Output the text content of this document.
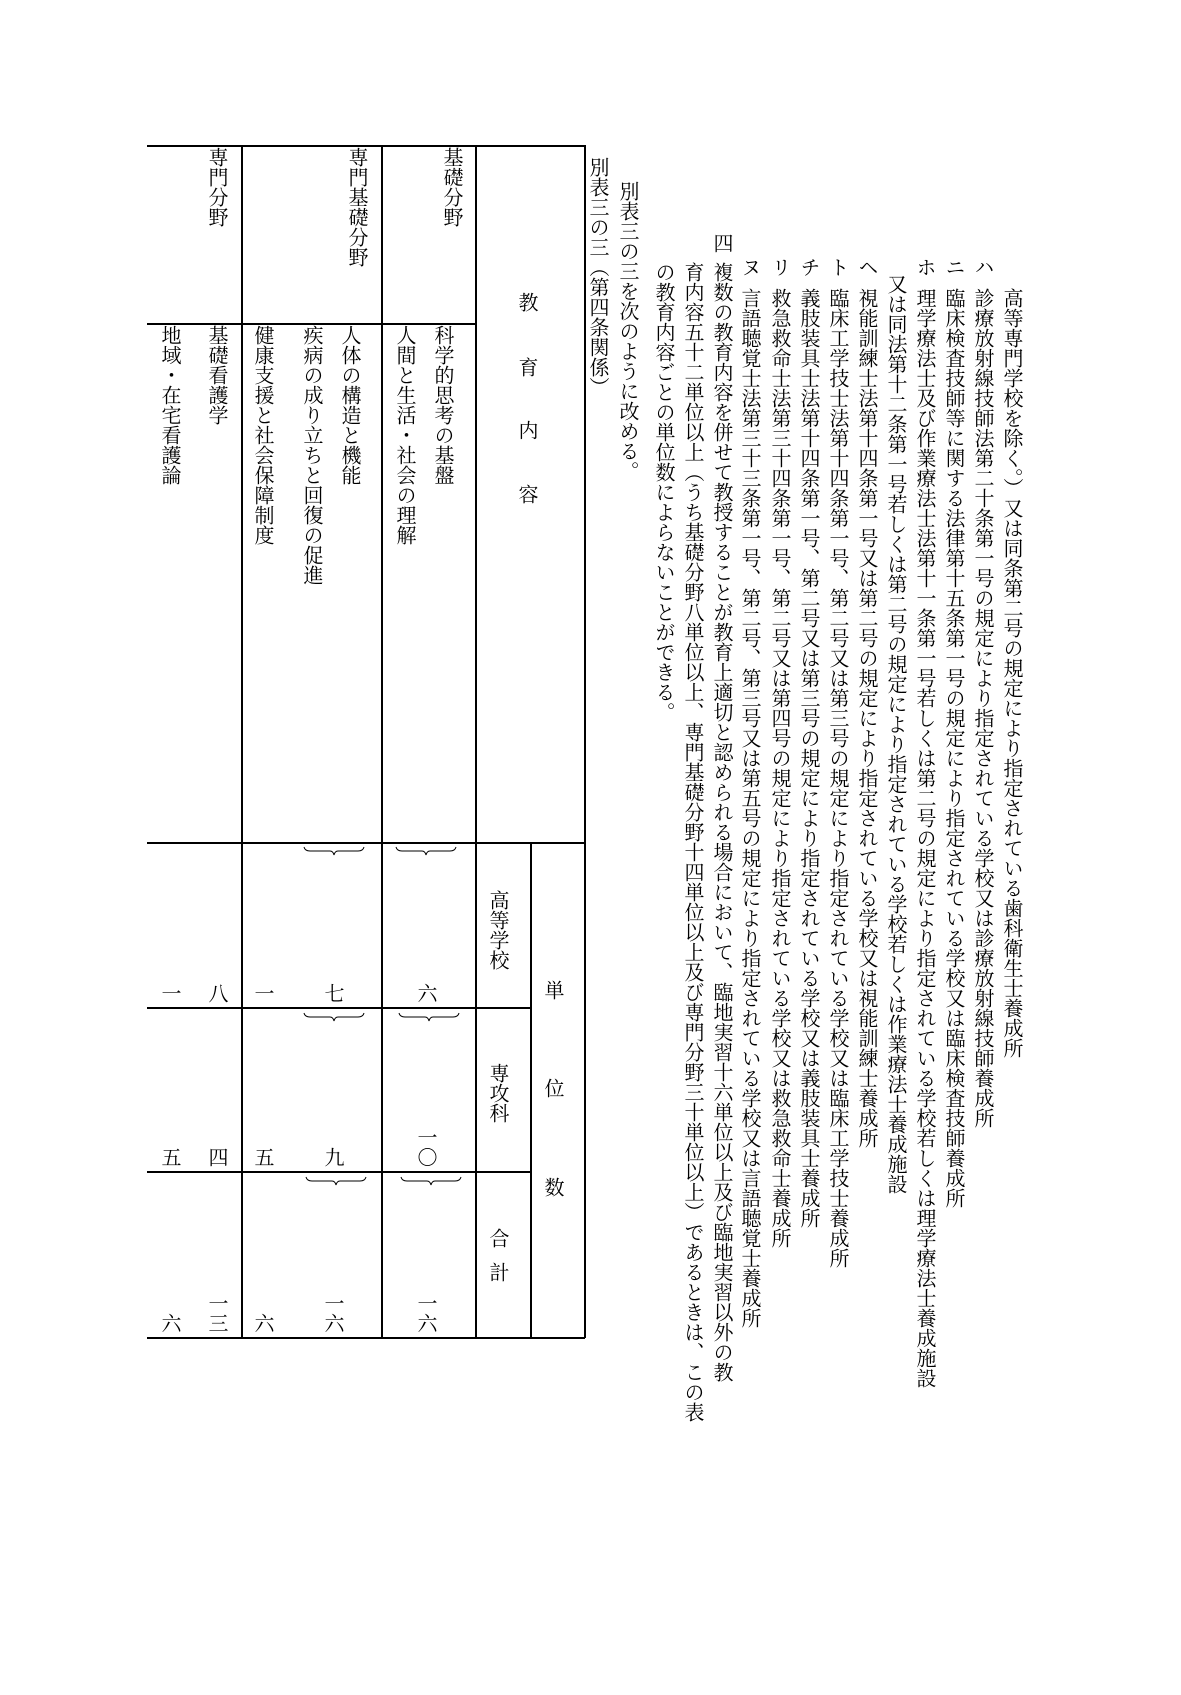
高等専門学校を除く。）又は同条第二号の規定により指定されている歯科衛生士養成所
ハ
診療放射線技師法第二十条第一号の規定により指定されている学校又は診療放射線技師養成所
ニ
臨床検査技師等に関する法律第十五条第一号の規定により指定されている学校又は臨床検査技師養成所
ホ
理学療法士及び作業療法士法第十一条第一号若しくは第二号の規定により指定されている学校若しくは理学療法士養成施設
又は同法第十二条第一号若しくは第二号の規定により指定されている学校若しくは作業療法士養成施設
ヘ
視能訓練士法第十四条第一号又は第二号の規定により指定されている学校又は視能訓練士養成所
ト
臨床工学技士法第十四条第一号、第二号又は第三号の規定により指定されている学校又は臨床工学技士養成所
チ
義肢装具士法第十四条第一号、第二号又は第三号の規定により指定されている学校又は義肢装具士養成所
リ
救急救命士法第三十四条第一号、第二号又は第四号の規定により指定されている学校又は救急救命士養成所
ヌ
言語聴覚士法第三十三条第一号、第二号、第三号又は第五号の規定により指定されている学校又は言語聴覚士養成所
四
複数の教育内容を併せて教授することが教育上適切と認められる場合において、臨地実習十六単位以上及び臨地実習以外の教
育内容五十二単位以上（うち基礎分野八単位以上、専門基礎分野十四単位以上及び専門分野三十単位以上）であるときは、この表
の教育内容ごとの単位数によらないことができる。
別表三の三を次のように改める。
別表三の三（第四条関係）
教
育
内
容
単
位
数
高等学校
専攻科
合
計
基礎分野
専門基礎分野
専門分野
科学的思考の基盤
人間と生活・社会の理解
人体の構造と機能
疾病の成り立ちと回復の促進
健康支援と社会保障制度
基礎看護学
地域・在宅看護論
六
七
一
八
一
一〇
九
五
四
五
一六
一六
六
一三
六
